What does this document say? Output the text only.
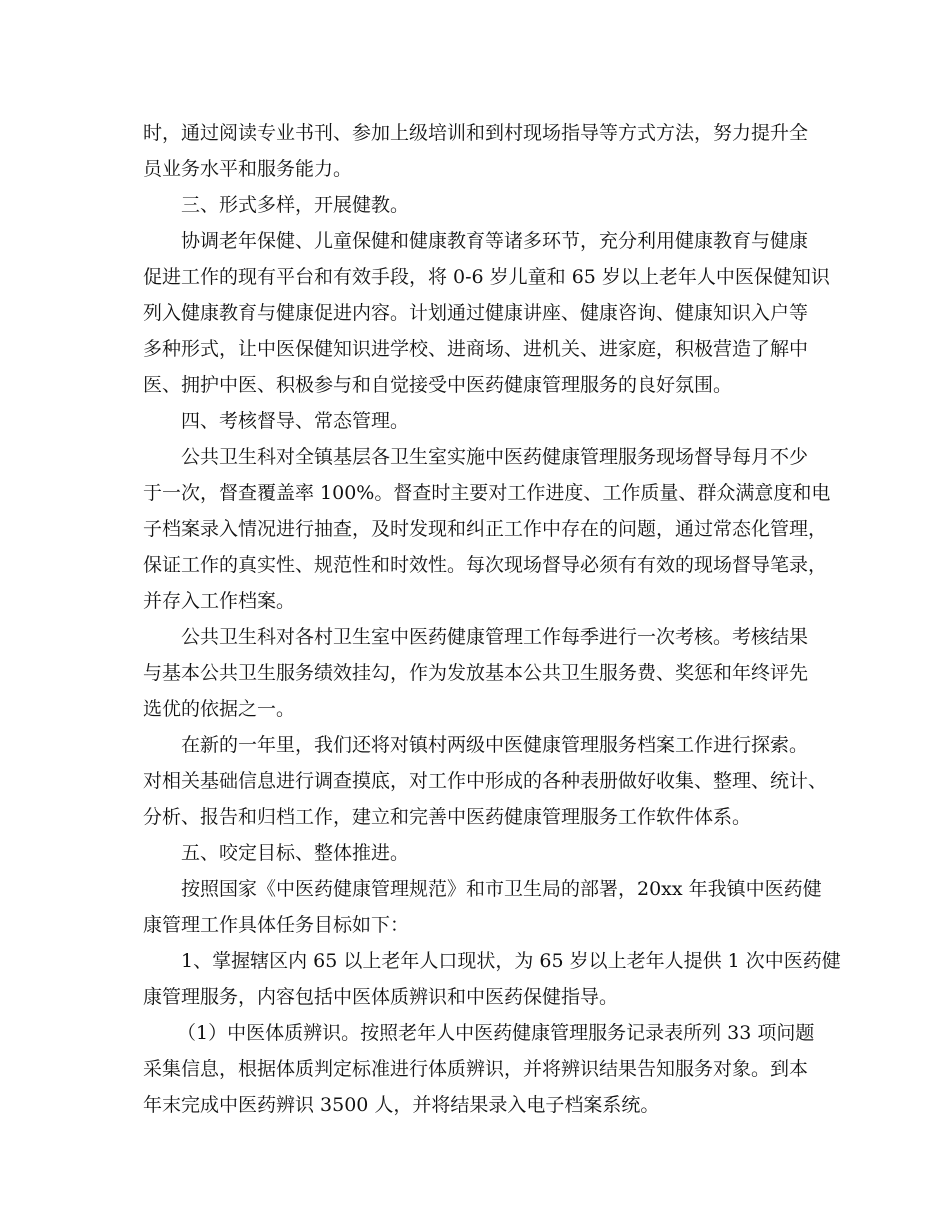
时，通过阅读专业书刊、参加上级培训和到村现场指导等方式方法，努力提升全
员业务水平和服务能力。
三、形式多样，开展健教。
协调老年保健、儿童保健和健康教育等诸多环节，充分利用健康教育与健康
促进工作的现有平台和有效手段，将 0-6 岁儿童和 65 岁以上老年人中医保健知识
列入健康教育与健康促进内容。计划通过健康讲座、健康咨询、健康知识入户等
多种形式，让中医保健知识进学校、进商场、进机关、进家庭，积极营造了解中
医、拥护中医、积极参与和自觉接受中医药健康管理服务的良好氛围。
四、考核督导、常态管理。
公共卫生科对全镇基层各卫生室实施中医药健康管理服务现场督导每月不少
于一次，督查覆盖率 100%。督查时主要对工作进度、工作质量、群众满意度和电
子档案录入情况进行抽查，及时发现和纠正工作中存在的问题，通过常态化管理，
保证工作的真实性、规范性和时效性。每次现场督导必须有有效的现场督导笔录，
并存入工作档案。
公共卫生科对各村卫生室中医药健康管理工作每季进行一次考核。考核结果
与基本公共卫生服务绩效挂勾，作为发放基本公共卫生服务费、奖惩和年终评先
选优的依据之一。
在新的一年里，我们还将对镇村两级中医健康管理服务档案工作进行探索。
对相关基础信息进行调查摸底，对工作中形成的各种表册做好收集、整理、统计、
分析、报告和归档工作，建立和完善中医药健康管理服务工作软件体系。
五、咬定目标、整体推进。
按照国家《中医药健康管理规范》和市卫生局的部署，20xx 年我镇中医药健
康管理工作具体任务目标如下：
1、掌握辖区内 65 以上老年人口现状，为 65 岁以上老年人提供 1 次中医药健
康管理服务，内容包括中医体质辨识和中医药保健指导。
（1）中医体质辨识。按照老年人中医药健康管理服务记录表所列 33 项问题
采集信息，根据体质判定标准进行体质辨识，并将辨识结果告知服务对象。到本
年末完成中医药辨识 3500 人，并将结果录入电子档案系统。
